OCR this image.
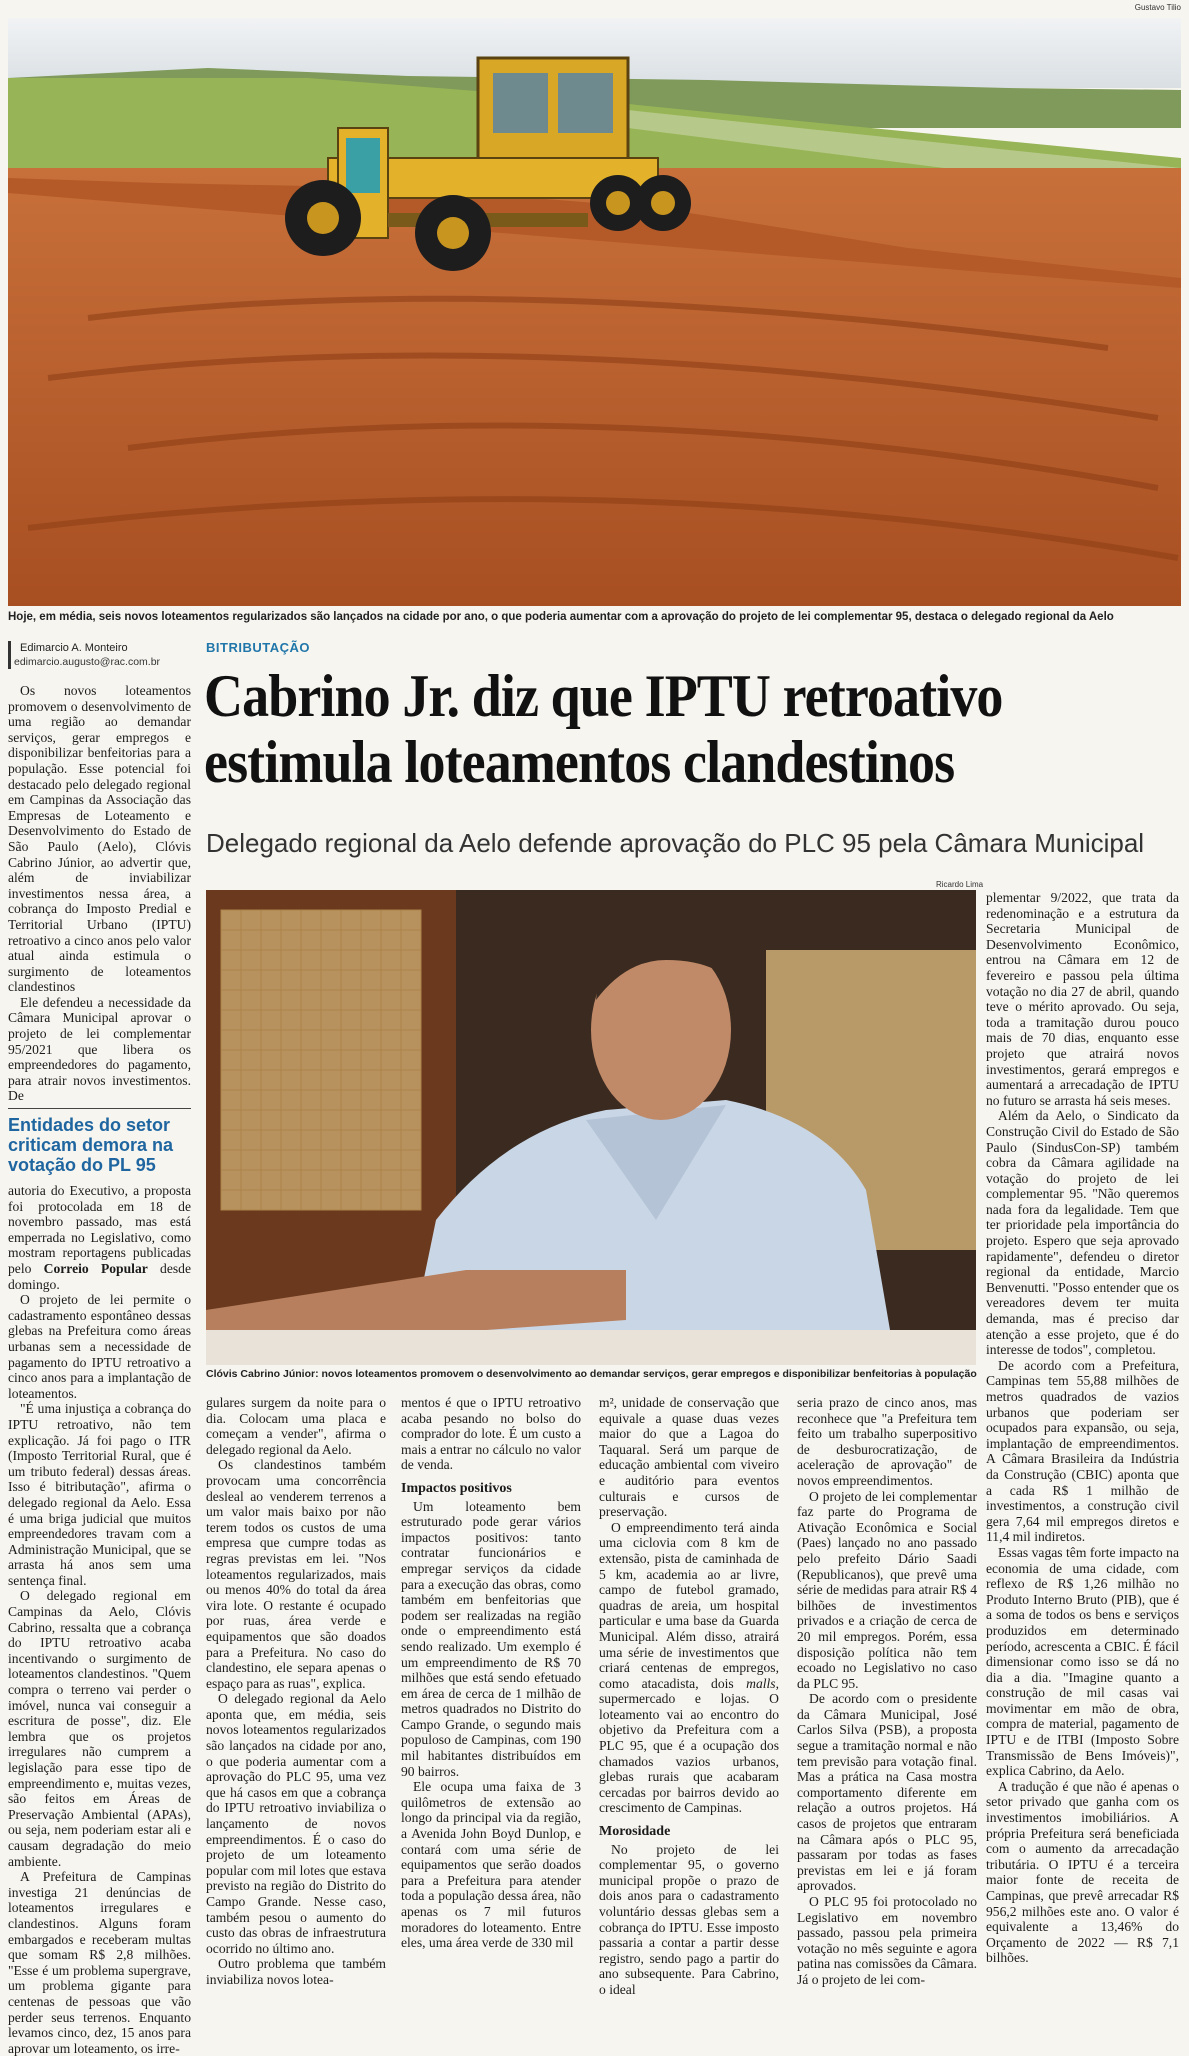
Gustavo Tilio
Hoje, em média, seis novos loteamentos regularizados são lançados na cidade por ano, o que poderia aumentar com a aprovação do projeto de lei complementar 95, destaca o delegado regional da Aelo
Edimarcio A. Monteiro
edimarcio.augusto@rac.com.br
BITRIBUTAÇÃO
Cabrino Jr. diz que IPTU retroativo estimula loteamentos clandestinos
Delegado regional da Aelo defende aprovação do PLC 95 pela Câmara Municipal

Os novos loteamentos promovem o desenvolvimento de uma região ao demandar serviços, gerar empregos e disponibilizar benfeitorias para a população. Esse potencial foi destacado pelo delegado regional em Campinas da Associação das Empresas de Loteamento e Desenvolvimento do Estado de São Paulo (Aelo), Clóvis Cabrino Júnior, ao advertir que, além de inviabilizar investimentos nessa área, a cobrança do Imposto Predial e Territorial Urbano (IPTU) retroativo a cinco anos pelo valor atual ainda estimula o surgimento de loteamentos clandestinos

Ele defendeu a necessidade da Câmara Municipal aprovar o projeto de lei complementar 95/2021 que libera os empreendedores do pagamento, para atrair novos investimentos. De

Entidades do setor criticam demora na votação do PL 95

autoria do Executivo, a proposta foi protocolada em 18 de novembro passado, mas está emperrada no Legislativo, como mostram reportagens publicadas pelo Correio Popular desde domingo.

O projeto de lei permite o cadastramento espontâneo dessas glebas na Prefeitura como áreas urbanas sem a necessidade de pagamento do IPTU retroativo a cinco anos para a implantação de loteamentos.

"É uma injustiça a cobrança do IPTU retroativo, não tem explicação. Já foi pago o ITR (Imposto Territorial Rural, que é um tributo federal) dessas áreas. Isso é bitributação", afirma o delegado regional da Aelo. Essa é uma briga judicial que muitos empreendedores travam com a Administração Municipal, que se arrasta há anos sem uma sentença final.

O delegado regional em Campinas da Aelo, Clóvis Cabrino, ressalta que a cobrança do IPTU retroativo acaba incentivando o surgimento de loteamentos clandestinos. "Quem compra o terreno vai perder o imóvel, nunca vai conseguir a escritura de posse", diz. Ele lembra que os projetos irregulares não cumprem a legislação para esse tipo de empreendimento e, muitas vezes, são feitos em Áreas de Preservação Ambiental (APAs), ou seja, nem poderiam estar ali e causam degradação do meio ambiente.

A Prefeitura de Campinas investiga 21 denúncias de loteamentos irregulares e clandestinos. Alguns foram embargados e receberam multas que somam R$ 2,8 milhões. "Esse é um problema supergrave, um problema gigante para centenas de pessoas que vão perder seus terrenos. Enquanto levamos cinco, dez, 15 anos para aprovar um loteamento, os irre-

Ricardo Lima
Clóvis Cabrino Júnior: novos loteamentos promovem o desenvolvimento ao demandar serviços, gerar empregos e disponibilizar benfeitorias à população

gulares surgem da noite para o dia. Colocam uma placa e começam a vender", afirma o delegado regional da Aelo.

Os clandestinos também provocam uma concorrência desleal ao venderem terrenos a um valor mais baixo por não terem todos os custos de uma empresa que cumpre todas as regras previstas em lei. "Nos loteamentos regularizados, mais ou menos 40% do total da área vira lote. O restante é ocupado por ruas, área verde e equipamentos que são doados para a Prefeitura. No caso do clandestino, ele separa apenas o espaço para as ruas", explica.

O delegado regional da Aelo aponta que, em média, seis novos loteamentos regularizados são lançados na cidade por ano, o que poderia aumentar com a aprovação do PLC 95, uma vez que há casos em que a cobrança do IPTU retroativo inviabiliza o lançamento de novos empreendimentos. É o caso do projeto de um loteamento popular com mil lotes que estava previsto na região do Distrito do Campo Grande. Nesse caso, também pesou o aumento do custo das obras de infraestrutura ocorrido no último ano.

Outro problema que também inviabiliza novos lotea-

mentos é que o IPTU retroativo acaba pesando no bolso do comprador do lote. É um custo a mais a entrar no cálculo no valor de venda.

Impactos positivos

Um loteamento bem estruturado pode gerar vários impactos positivos: tanto contratar funcionários e empregar serviços da cidade para a execução das obras, como também em benfeitorias que podem ser realizadas na região onde o empreendimento está sendo realizado. Um exemplo é um empreendimento de R$ 70 milhões que está sendo efetuado em área de cerca de 1 milhão de metros quadrados no Distrito do Campo Grande, o segundo mais populoso de Campinas, com 190 mil habitantes distribuídos em 90 bairros.

Ele ocupa uma faixa de 3 quilômetros de extensão ao longo da principal via da região, a Avenida John Boyd Dunlop, e contará com uma série de equipamentos que serão doados para a Prefeitura para atender toda a população dessa área, não apenas os 7 mil futuros moradores do loteamento. Entre eles, uma área verde de 330 mil

m², unidade de conservação que equivale a quase duas vezes maior do que a Lagoa do Taquaral. Será um parque de educação ambiental com viveiro e auditório para eventos culturais e cursos de preservação.

O empreendimento terá ainda uma ciclovia com 8 km de extensão, pista de caminhada de 5 km, academia ao ar livre, campo de futebol gramado, quadras de areia, um hospital particular e uma base da Guarda Municipal. Além disso, atrairá uma série de investimentos que criará centenas de empregos, como atacadista, dois malls, supermercado e lojas. O loteamento vai ao encontro do objetivo da Prefeitura com a PLC 95, que é a ocupação dos chamados vazios urbanos, glebas rurais que acabaram cercadas por bairros devido ao crescimento de Campinas.

Morosidade

No projeto de lei complementar 95, o governo municipal propõe o prazo de dois anos para o cadastramento voluntário dessas glebas sem a cobrança do IPTU. Esse imposto passaria a contar a partir desse registro, sendo pago a partir do ano subsequente. Para Cabrino, o ideal

seria prazo de cinco anos, mas reconhece que "a Prefeitura tem feito um trabalho superpositivo de desburocratização, de aceleração de aprovação" de novos empreendimentos.

O projeto de lei complementar faz parte do Programa de Ativação Econômica e Social (Paes) lançado no ano passado pelo prefeito Dário Saadi (Republicanos), que prevê uma série de medidas para atrair R$ 4 bilhões de investimentos privados e a criação de cerca de 20 mil empregos. Porém, essa disposição política não tem ecoado no Legislativo no caso da PLC 95.

De acordo com o presidente da Câmara Municipal, José Carlos Silva (PSB), a proposta segue a tramitação normal e não tem previsão para votação final. Mas a prática na Casa mostra comportamento diferente em relação a outros projetos. Há casos de projetos que entraram na Câmara após o PLC 95, passaram por todas as fases previstas em lei e já foram aprovados.

O PLC 95 foi protocolado no Legislativo em novembro passado, passou pela primeira votação no mês seguinte e agora patina nas comissões da Câmara. Já o projeto de lei com-

plementar 9/2022, que trata da redenominação e a estrutura da Secretaria Municipal de Desenvolvimento Econômico, entrou na Câmara em 12 de fevereiro e passou pela última votação no dia 27 de abril, quando teve o mérito aprovado. Ou seja, toda a tramitação durou pouco mais de 70 dias, enquanto esse projeto que atrairá novos investimentos, gerará empregos e aumentará a arrecadação de IPTU no futuro se arrasta há seis meses.

Além da Aelo, o Sindicato da Construção Civil do Estado de São Paulo (SindusCon-SP) também cobra da Câmara agilidade na votação do projeto de lei complementar 95. "Não queremos nada fora da legalidade. Tem que ter prioridade pela importância do projeto. Espero que seja aprovado rapidamente", defendeu o diretor regional da entidade, Marcio Benvenutti. "Posso entender que os vereadores devem ter muita demanda, mas é preciso dar atenção a esse projeto, que é do interesse de todos", completou.

De acordo com a Prefeitura, Campinas tem 55,88 milhões de metros quadrados de vazios urbanos que poderiam ser ocupados para expansão, ou seja, implantação de empreendimentos. A Câmara Brasileira da Indústria da Construção (CBIC) aponta que a cada R$ 1 milhão de investimentos, a construção civil gera 7,64 mil empregos diretos e 11,4 mil indiretos.

Essas vagas têm forte impacto na economia de uma cidade, com reflexo de R$ 1,26 milhão no Produto Interno Bruto (PIB), que é a soma de todos os bens e serviços produzidos em determinado período, acrescenta a CBIC. É fácil dimensionar como isso se dá no dia a dia. "Imagine quanto a construção de mil casas vai movimentar em mão de obra, compra de material, pagamento de IPTU e de ITBI (Imposto Sobre Transmissão de Bens Imóveis)", explica Cabrino, da Aelo.

A tradução é que não é apenas o setor privado que ganha com os investimentos imobiliários. A própria Prefeitura será beneficiada com o aumento da arrecadação tributária. O IPTU é a terceira maior fonte de receita de Campinas, que prevê arrecadar R$ 956,2 milhões este ano. O valor é equivalente a 13,46% do Orçamento de 2022 — R$ 7,1 bilhões.
